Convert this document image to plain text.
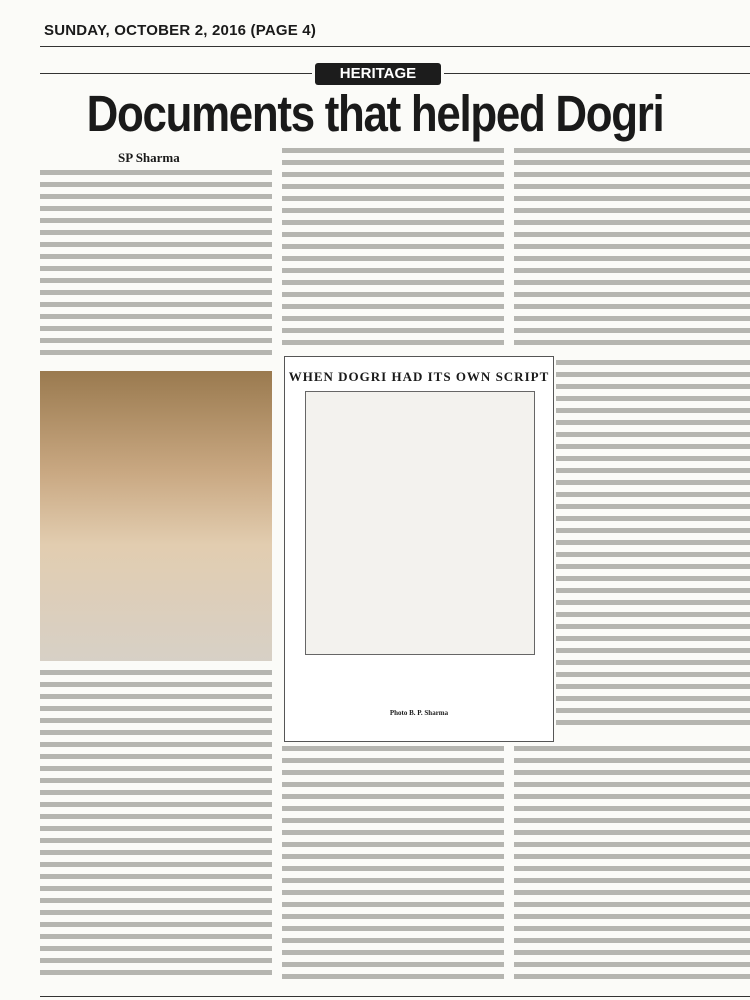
SUNDAY, OCTOBER 2, 2016 (PAGE 4)
HERITAGE
Documents that helped Dogri
SP Sharma
WHEN DOGRI HAD ITS OWN SCRIPT
Photo B. P. Sharma
